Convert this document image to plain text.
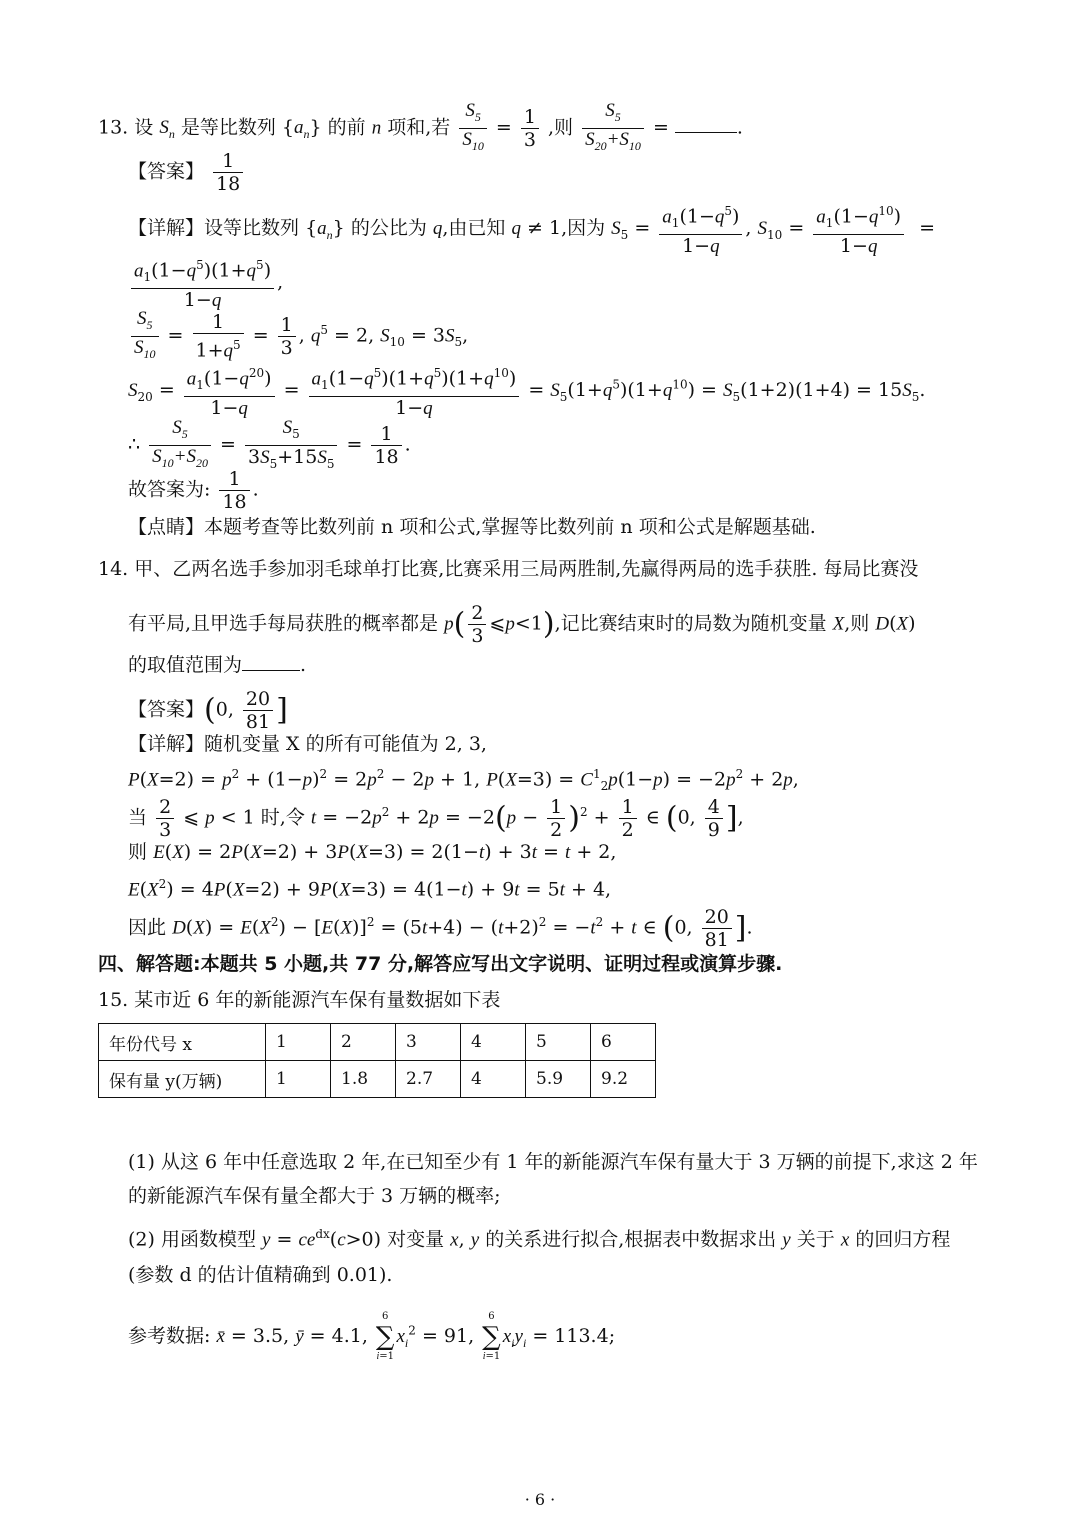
13. 设 $S_n$ 是等比数列 $\{a_n\}$ 的前 n 项和,若 $\frac{S_5}{S_{10}} = \frac{1}{3}$ ,则 $\frac{S_5}{S_{20}+S_{10}}$ =	.
【答案】 $\frac{1}{18}$
【详解】设等比数列 $\{a_n\}$ 的公比为 q,由已知 q ≠ 1,因为 $S_5 = \frac{a_1(1-q^5)}{1-q}$ , $S_{10} = \frac{a_1(1-q^{10})}{1-q}$ =
$\frac{a_1(1-q^5)(1+q^5)}{1-q}$ ,
$\frac{S_5}{S_{10}} = \frac{1}{1+q^5} = \frac{1}{3}$ , $q^5 = 2$, $S_{10} = 3S_5$,
$S_{20} = \frac{a_1(1-q^{20})}{1-q} = \frac{a_1(1-q^5)(1+q^5)(1+q^{10})}{1-q} = S_5(1+q^5)(1+q^{10}) = S_5(1+2)(1+4) = 15S_5$.
∴ $\frac{S_5}{S_{10}+S_{20}} = \frac{S_5}{3S_5+15S_5} = \frac{1}{18}$ .
故答案为: $\frac{1}{18}$ .
【点睛】本题考查等比数列前 n 项和公式,掌握等比数列前 n 项和公式是解题基础.
14. 甲、乙两名选手参加羽毛球单打比赛,比赛采用三局两胜制,先赢得两局的选手获胜. 每局比赛没
有平局,且甲选手每局获胜的概率都是 $p( \frac{2}{3}$ ⩽p<1),记比赛结束时的局数为随机变量 X,则 D(X)
的取值范围为	.
【答案】(0, $\frac{20}{81}$ ]
【详解】随机变量 X 的所有可能值为 2, 3,
$P(X=2) = p^2 + (1-p)^2 = 2p^2 - 2p + 1$, $P(X=3) = C^1_2p(1-p) = -2p^2 + 2p$,
当 $\frac{2}{3}$ ⩽ p < 1 时,令 $t = -2p^2 + 2p = -2(p - \frac{1}{2} )^2 + \frac{1}{2}$ ∈ (0, $\frac{4}{9}$ ],
则 E(X) = 2P(X=2) + 3P(X=3) = 2(1−t) + 3t = t + 2,
$E(X^2) = 4P(X=2) + 9P(X=3) = 4(1-t) + 9t = 5t + 4$,
因此 $D(X) = E(X^2) - [E(X)]^2 = (5t+4) - (t+2)^2 = -t^2 + t$ ∈ (0, $\frac{20}{81}$ ].
四、解答题:本题共 5 小题,共 77 分,解答应写出文字说明、证明过程或演算步骤.
15. 某市近 6 年的新能源汽车保有量数据如下表
年份代号 x	1	2	3	4	5	6
保有量 y(万辆)	1	1.8	2.7	4	5.9	9.2
(1) 从这 6 年中任意选取 2 年,在已知至少有 1 年的新能源汽车保有量大于 3 万辆的前提下,求这 2 年
的新能源汽车保有量全都大于 3 万辆的概率;
(2) 用函数模型 $y = ce^{dx}(c>0)$ 对变量 x, y 的关系进行拟合,根据表中数据求出 y 关于 x 的回归方程
(参数 d 的估计值精确到 0.01).
参考数据: x̄ = 3.5, ȳ = 4.1,
6
∑
i=1
$x_i^2 = 91$,
6
∑
i=1
$x_iy_i = 113.4$;
· 6 ·
